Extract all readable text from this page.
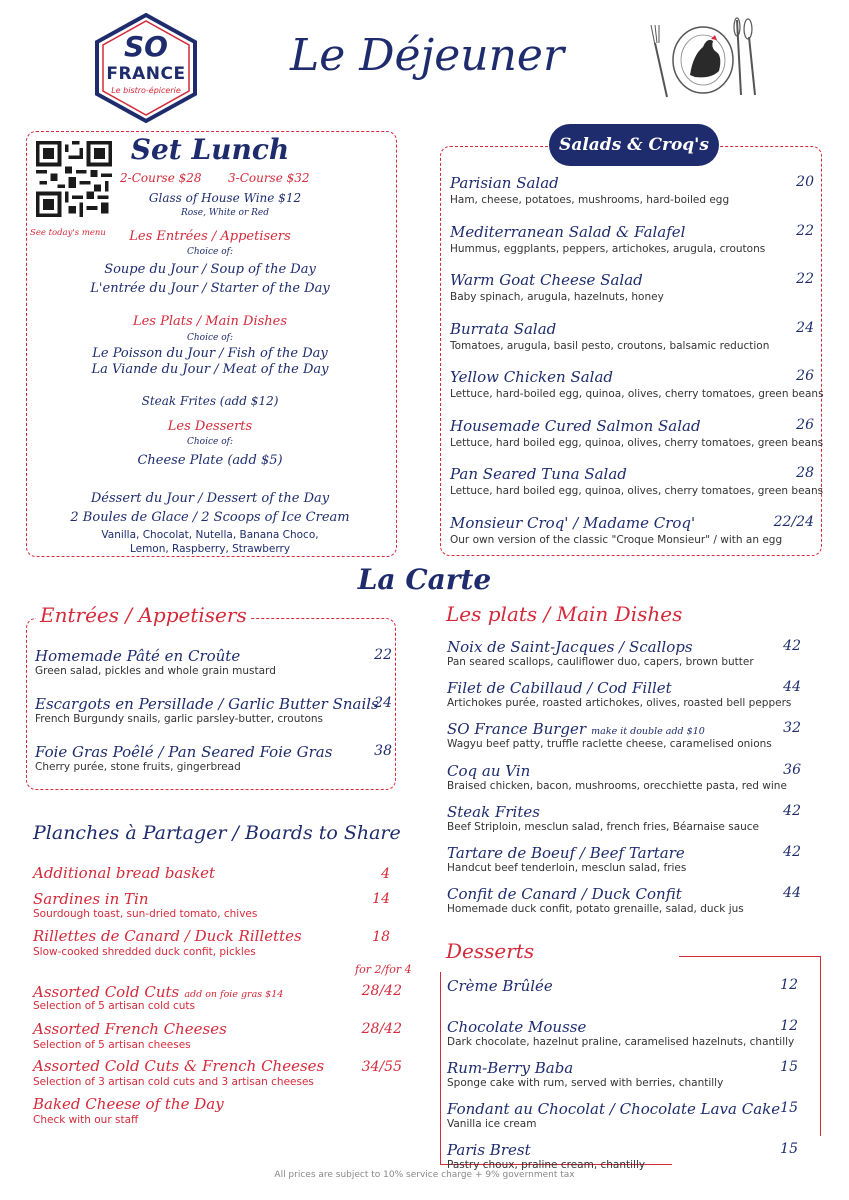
SO
FRANCE
Le bistro-épicerie
Le Déjeuner
See today's menu
Set Lunch
2-Course $28 3-Course $32
Glass of House Wine $12
Rose, White or Red
Les Entrées / Appetisers
Choice of:
Soupe du Jour / Soup of the Day
L'entrée du Jour / Starter of the Day
Les Plats / Main Dishes
Choice of:
Le Poisson du Jour / Fish of the Day
La Viande du Jour / Meat of the Day
Steak Frites (add $12)
Les Desserts
Choice of:
Cheese Plate (add $5)
Déssert du Jour / Dessert of the Day
2 Boules de Glace / 2 Scoops of Ice Cream
Vanilla, Chocolat, Nutella, Banana Choco,
Lemon, Raspberry, Strawberry
Salads & Croq's
Parisian Salad
Ham, cheese, potatoes, mushrooms, hard-boiled egg
20
Mediterranean Salad & Falafel
Hummus, eggplants, peppers, artichokes, arugula, croutons
22
Warm Goat Cheese Salad
Baby spinach, arugula, hazelnuts, honey
22
Burrata Salad
Tomatoes, arugula, basil pesto, croutons, balsamic reduction
24
Yellow Chicken Salad
Lettuce, hard-boiled egg, quinoa, olives, cherry tomatoes, green beans
26
Housemade Cured Salmon Salad
Lettuce, hard boiled egg, quinoa, olives, cherry tomatoes, green beans
26
Pan Seared Tuna Salad
Lettuce, hard boiled egg, quinoa, olives, cherry tomatoes, green beans
28
Monsieur Croq' / Madame Croq'
Our own version of the classic "Croque Monsieur" / with an egg
22/24
La Carte
Entrées / Appetisers
Homemade Pâté en Croûte
Green salad, pickles and whole grain mustard
22
Escargots en Persillade / Garlic Butter Snails
French Burgundy snails, garlic parsley-butter, croutons
24
Foie Gras Poêlé / Pan Seared Foie Gras
Cherry purée, stone fruits, gingerbread
38
Planches à Partager / Boards to Share
Additional bread basket	4
Sardines in Tin
Sourdough toast, sun-dried tomato, chives
14
Rillettes de Canard / Duck Rillettes
Slow-cooked shredded duck confit, pickles
18
for 2/for 4
Assorted Cold Cuts add on foie gras $14
Selection of 5 artisan cold cuts
28/42
Assorted French Cheeses
Selection of 5 artisan cheeses
28/42
Assorted Cold Cuts & French Cheeses
Selection of 3 artisan cold cuts and 3 artisan cheeses
34/55
Baked Cheese of the Day
Check with our staff
Les plats / Main Dishes
Noix de Saint-Jacques / Scallops
Pan seared scallops, cauliflower duo, capers, brown butter
42
Filet de Cabillaud / Cod Fillet
Artichokes purée, roasted artichokes, olives, roasted bell peppers
44
SO France Burger make it double add $10
Wagyu beef patty, truffle raclette cheese, caramelised onions
32
Coq au Vin
Braised chicken, bacon, mushrooms, orecchiette pasta, red wine
36
Steak Frites
Beef Striploin, mesclun salad, french fries, Béarnaise sauce
42
Tartare de Boeuf / Beef Tartare
Handcut beef tenderloin, mesclun salad, fries
42
Confit de Canard / Duck Confit
Homemade duck confit, potato grenaille, salad, duck jus
44
Desserts
Crème Brûlée	12
Chocolate Mousse
Dark chocolate, hazelnut praline, caramelised hazelnuts, chantilly
12
Rum-Berry Baba
Sponge cake with rum, served with berries, chantilly
15
Fondant au Chocolat / Chocolate Lava Cake
Vanilla ice cream
15
Paris Brest
Pastry choux, praline cream, chantilly
15
All prices are subject to 10% service charge + 9% government tax
